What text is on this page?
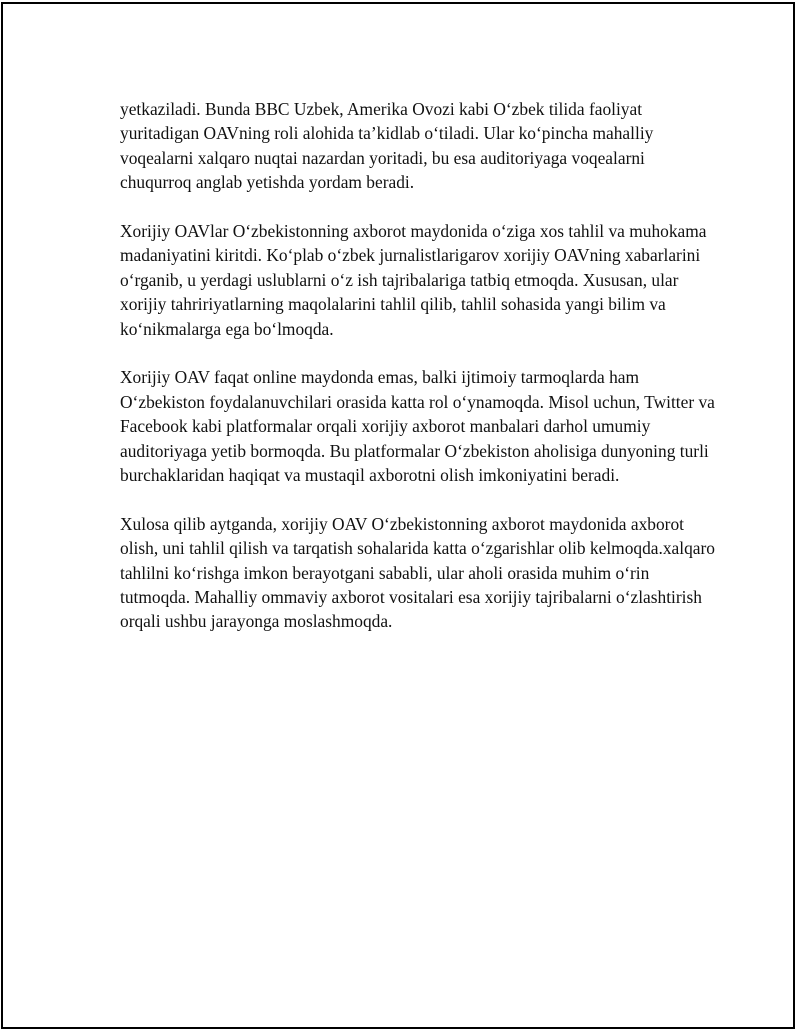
yetkaziladi. Bunda BBC Uzbek, Amerika Ovozi kabi O‘zbek tilida faoliyat yuritadigan OAVning roli alohida ta’kidlab o‘tiladi. Ular ko‘pincha mahalliy voqealarni xalqaro nuqtai nazardan yoritadi, bu esa auditoriyaga voqealarni chuqurroq anglab yetishda yordam beradi.

Xorijiy OAVlar O‘zbekistonning axborot maydonida o‘ziga xos tahlil va muhokama madaniyatini kiritdi. Ko‘plab o‘zbek jurnalistlarigarov xorijiy OAVning xabarlarini o‘rganib, u yerdagi uslublarni o‘z ish tajribalariga tatbiq etmoqda. Xususan, ular xorijiy tahririyatlarning maqolalarini tahlil qilib, tahlil sohasida yangi bilim va ko‘nikmalarga ega bo‘lmoqda.

Xorijiy OAV faqat online maydonda emas, balki ijtimoiy tarmoqlarda ham O‘zbekiston foydalanuvchilari orasida katta rol o‘ynamoqda. Misol uchun, Twitter va Facebook kabi platformalar orqali xorijiy axborot manbalari darhol umumiy auditoriyaga yetib bormoqda. Bu platformalar O‘zbekiston aholisiga dunyoning turli burchaklaridan haqiqat va mustaqil axborotni olish imkoniyatini beradi.

Xulosa qilib aytganda, xorijiy OAV O‘zbekistonning axborot maydonida axborot olish, uni tahlil qilish va tarqatish sohalarida katta o‘zgarishlar olib kelmoqda.xalqaro tahlilni ko‘rishga imkon berayotgani sababli, ular aholi orasida muhim o‘rin tutmoqda. Mahalliy ommaviy axborot vositalari esa xorijiy tajribalarni o‘zlashtirish orqali ushbu jarayonga moslashmoqda.
